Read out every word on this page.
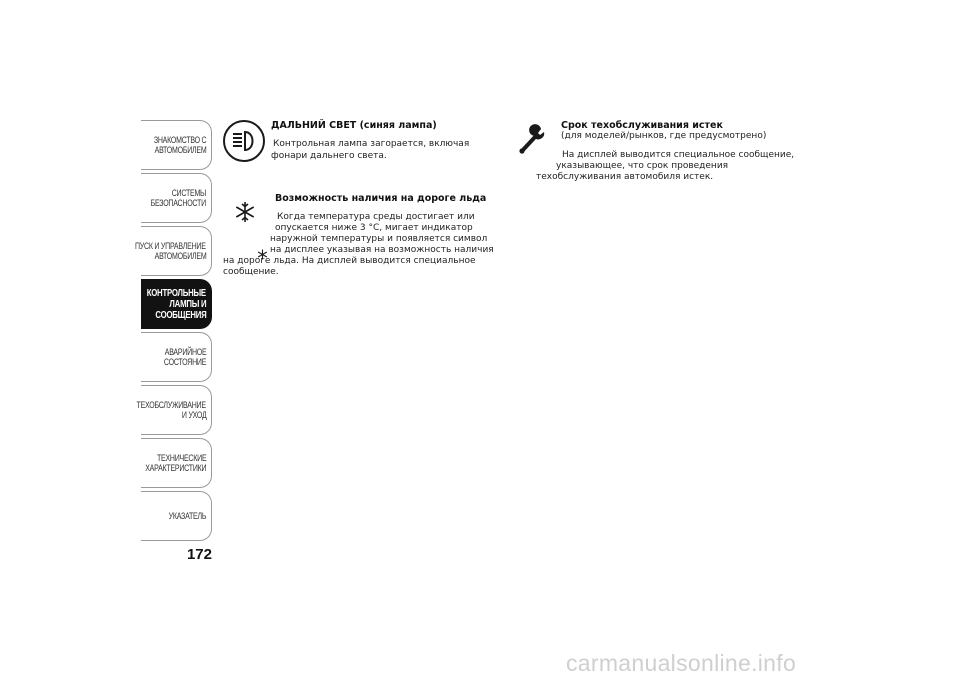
ЗНАКОМСТВО С
АВТОМОБИЛЕМ
СИСТЕМЫ
БЕЗОПАСНОСТИ
ПУСК И УПРАВЛЕНИЕ
АВТОМОБИЛЕМ
КОНТРОЛЬНЫЕ
ЛАМПЫ И
СООБЩЕНИЯ
АВАРИЙНОЕ
СОСТОЯНИЕ
ТЕХОБСЛУЖИВАНИЕ
И УХОД
ТЕХНИЧЕСКИЕ
ХАРАКТЕРИСТИКИ
УКАЗАТЕЛЬ
172
ДАЛЬНИЙ СВЕТ (синяя лампа)
Контрольная лампа загорается, включая
фонари дальнего света.
Возможность наличия на дороге льда
Когда температура среды достигает или
опускается ниже 3 °C, мигает индикатор
наружной температуры и появляется символ
на дисплее указывая на возможность наличия
на дороге льда. На дисплей выводится специальное
сообщение.
Срок техобслуживания истек
(для моделей/рынков, где предусмотрено)
На дисплей выводится специальное сообщение,
указывающее, что срок проведения
техобслуживания автомобиля истек.
carmanualsonline.info
